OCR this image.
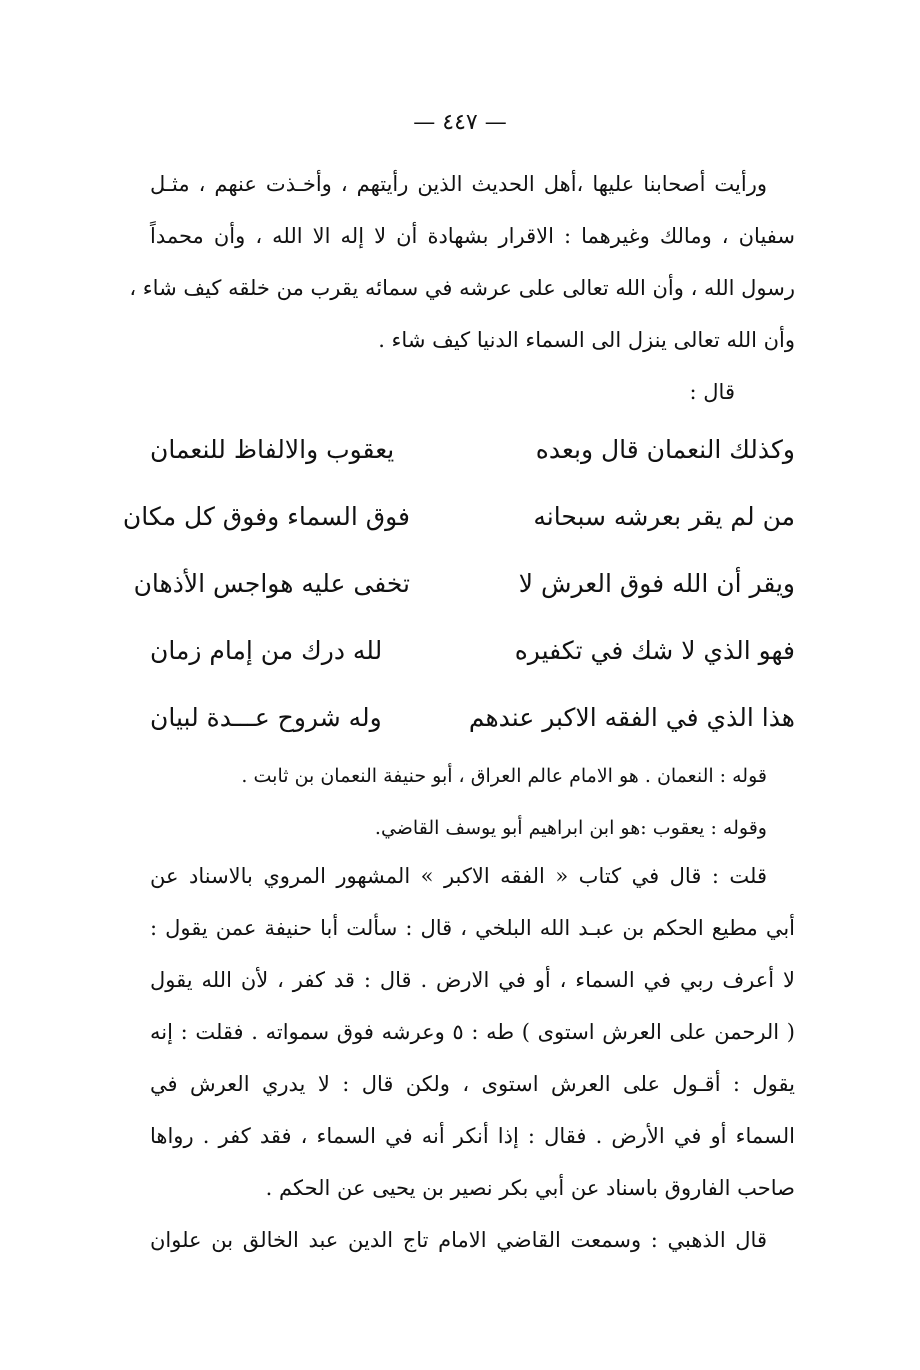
— ٤٤٧ —
ورأيت أصحابنا عليها ،أهل الحديث الذين رأيتهم ، وأخـذت عنهم ، مثـل
سفيان ، ومالك وغيرهما : الاقرار بشهادة أن لا إله الا الله ، وأن محمداً
رسول الله ، وأن الله تعالى على عرشه في سمائه يقرب من خلقه كيف شاء ،
وأن الله تعالى ينزل الى السماء الدنيا كيف شاء .
قال :
وكذلك النعمان قال وبعده
يعقوب والالفاظ للنعمان
من لم يقر بعرشه سبحانه
فوق السماء وفوق كل مكان
ويقر أن الله فوق العرش لا
تخفى عليه هواجس الأذهان
فهو الذي لا شك في تكفيره
لله درك من إمام زمان
هذا الذي في الفقه الاكبر عندهم
وله شروح عـــدة لبيان
قوله : النعمان . هو الامام عالم العراق ، أبو حنيفة النعمان بن ثابت .
وقوله : يعقوب :هو ابن ابراهيم أبو يوسف القاضي.
قلت : قال في كتاب « الفقه الاكبر » المشهور المروي بالاسناد عن
أبي مطيع الحكم بن عبـد الله البلخي ، قال : سألت أبا حنيفة عمن يقول :
لا أعرف ربي في السماء ، أو في الارض . قال : قد كفر ، لأن الله يقول
( الرحمن على العرش استوى ) طه : ٥ وعرشه فوق سمواته . فقلت : إنه
يقول : أقـول على العرش استوى ، ولكن قال : لا يدري العرش في
السماء أو في الأرض . فقال : إذا أنكر أنه في السماء ، فقد كفر . رواها
صاحب الفاروق باسناد عن أبي بكر نصير بن يحيى عن الحكم .
قال الذهبي : وسمعت القاضي الامام تاج الدين عبد الخالق بن علوان
